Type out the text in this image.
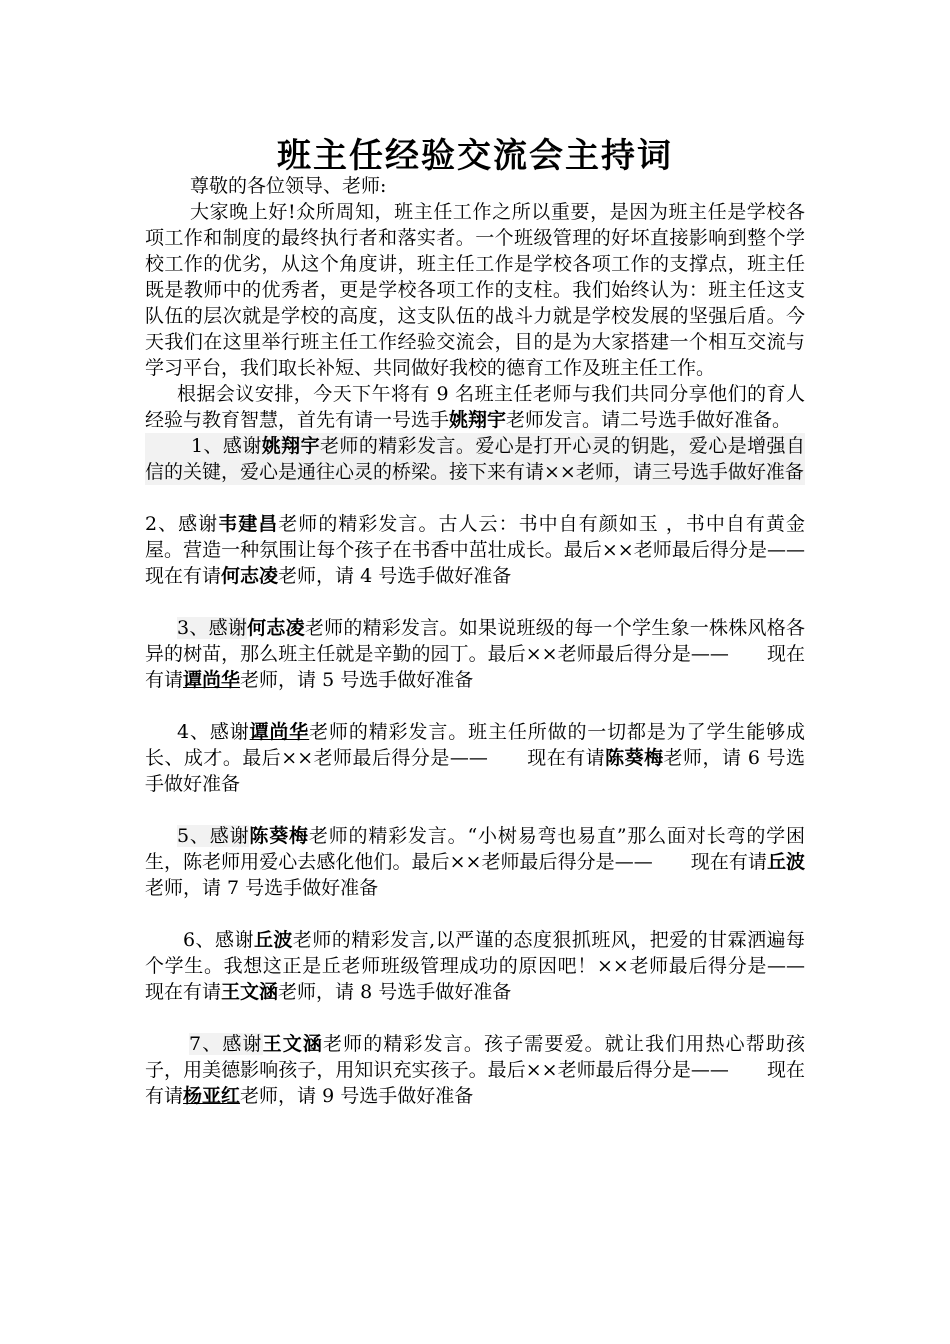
班主任经验交流会主持词

尊敬的各位领导、老师:

大家晚上好!众所周知，班主任工作之所以重要，是因为班主任是学校各项工作和制度的最终执行者和落实者。一个班级管理的好坏直接影响到整个学校工作的优劣，从这个角度讲，班主任工作是学校各项工作的支撑点，班主任既是教师中的优秀者，更是学校各项工作的支柱。我们始终认为：班主任这支队伍的层次就是学校的高度，这支队伍的战斗力就是学校发展的坚强后盾。今天我们在这里举行班主任工作经验交流会，目的是为大家搭建一个相互交流与学习平台，我们取长补短、共同做好我校的德育工作及班主任工作。

根据会议安排，今天下午将有 9 名班主任老师与我们共同分享他们的育人经验与教育智慧，首先有请一号选手姚翔宇老师发言。请二号选手做好准备。

1、感谢姚翔宇老师的精彩发言。爱心是打开心灵的钥匙，爱心是增强自信的关键，爱心是通往心灵的桥梁。接下来有请××老师，请三号选手做好准备

2、感谢韦建昌老师的精彩发言。古人云：书中自有颜如玉 ，书中自有黄金屋。营造一种氛围让每个孩子在书香中茁壮成长。最后××老师最后得分是——　　现在有请何志凌老师，请 4 号选手做好准备

3、感谢何志凌老师的精彩发言。如果说班级的每一个学生象一株株风格各异的树苗，那么班主任就是辛勤的园丁。最后××老师最后得分是——　　现在有请谭尚华老师，请 5 号选手做好准备

4、感谢谭尚华老师的精彩发言。班主任所做的一切都是为了学生能够成长、成才。最后××老师最后得分是——　　现在有请陈葵梅老师，请 6 号选手做好准备

5、感谢陈葵梅老师的精彩发言。“小树易弯也易直”那么面对长弯的学困生，陈老师用爱心去感化他们。最后××老师最后得分是——　　现在有请丘波老师，请 7 号选手做好准备

6、感谢丘波老师的精彩发言,以严谨的态度狠抓班风，把爱的甘霖洒遍每个学生。我想这正是丘老师班级管理成功的原因吧！××老师最后得分是——　现在有请王文涵老师，请 8 号选手做好准备

7、感谢王文涵老师的精彩发言。孩子需要爱。就让我们用热心帮助孩子，用美德影响孩子，用知识充实孩子。最后××老师最后得分是——　　现在有请杨亚红老师，请 9 号选手做好准备
